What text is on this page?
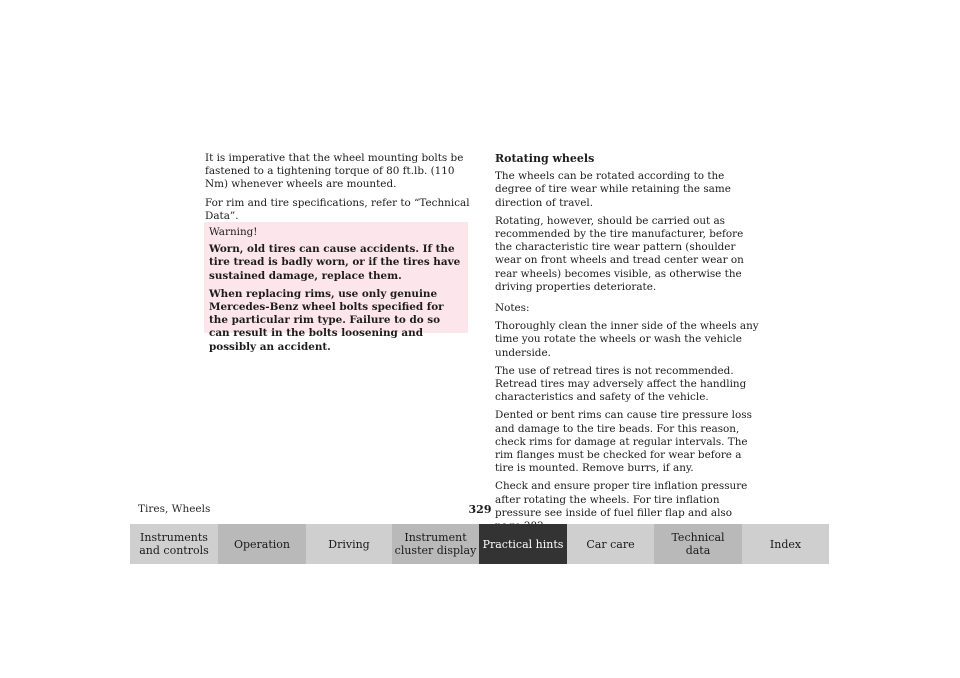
It is imperative that the wheel mounting bolts be fastened to a tightening torque of 80 ft.lb. (110 Nm) whenever wheels are mounted.

For rim and tire specifications, refer to “Technical Data”.

Warning!

Worn, old tires can cause accidents. If the tire tread is badly worn, or if the tires have sustained damage, replace them.

When replacing rims, use only genuine Mercedes-Benz wheel bolts specified for the particular rim type. Failure to do so can result in the bolts loosening and possibly an accident.

Rotating wheels

The wheels can be rotated according to the degree of tire wear while retaining the same direction of travel.

Rotating, however, should be carried out as recommended by the tire manufacturer, before the characteristic tire wear pattern (shoulder wear on front wheels and tread center wear on rear wheels) becomes visible, as otherwise the driving properties deteriorate.

Notes:

Thoroughly clean the inner side of the wheels any time you rotate the wheels or wash the vehicle underside.

The use of retread tires is not recommended. Retread tires may adversely affect the handling characteristics and safety of the vehicle.

Dented or bent rims can cause tire pressure loss and damage to the tire beads. For this reason, check rims for damage at regular intervals. The rim flanges must be checked for wear before a tire is mounted. Remove burrs, if any.

Check and ensure proper tire inflation pressure after rotating the wheels. For tire inflation pressure see inside of fuel filler flap and also

Tires, Wheels	329
Instruments
and controls Operation	Driving	Instrument
cluster display Practical hints Car care	Technical
data	Index
